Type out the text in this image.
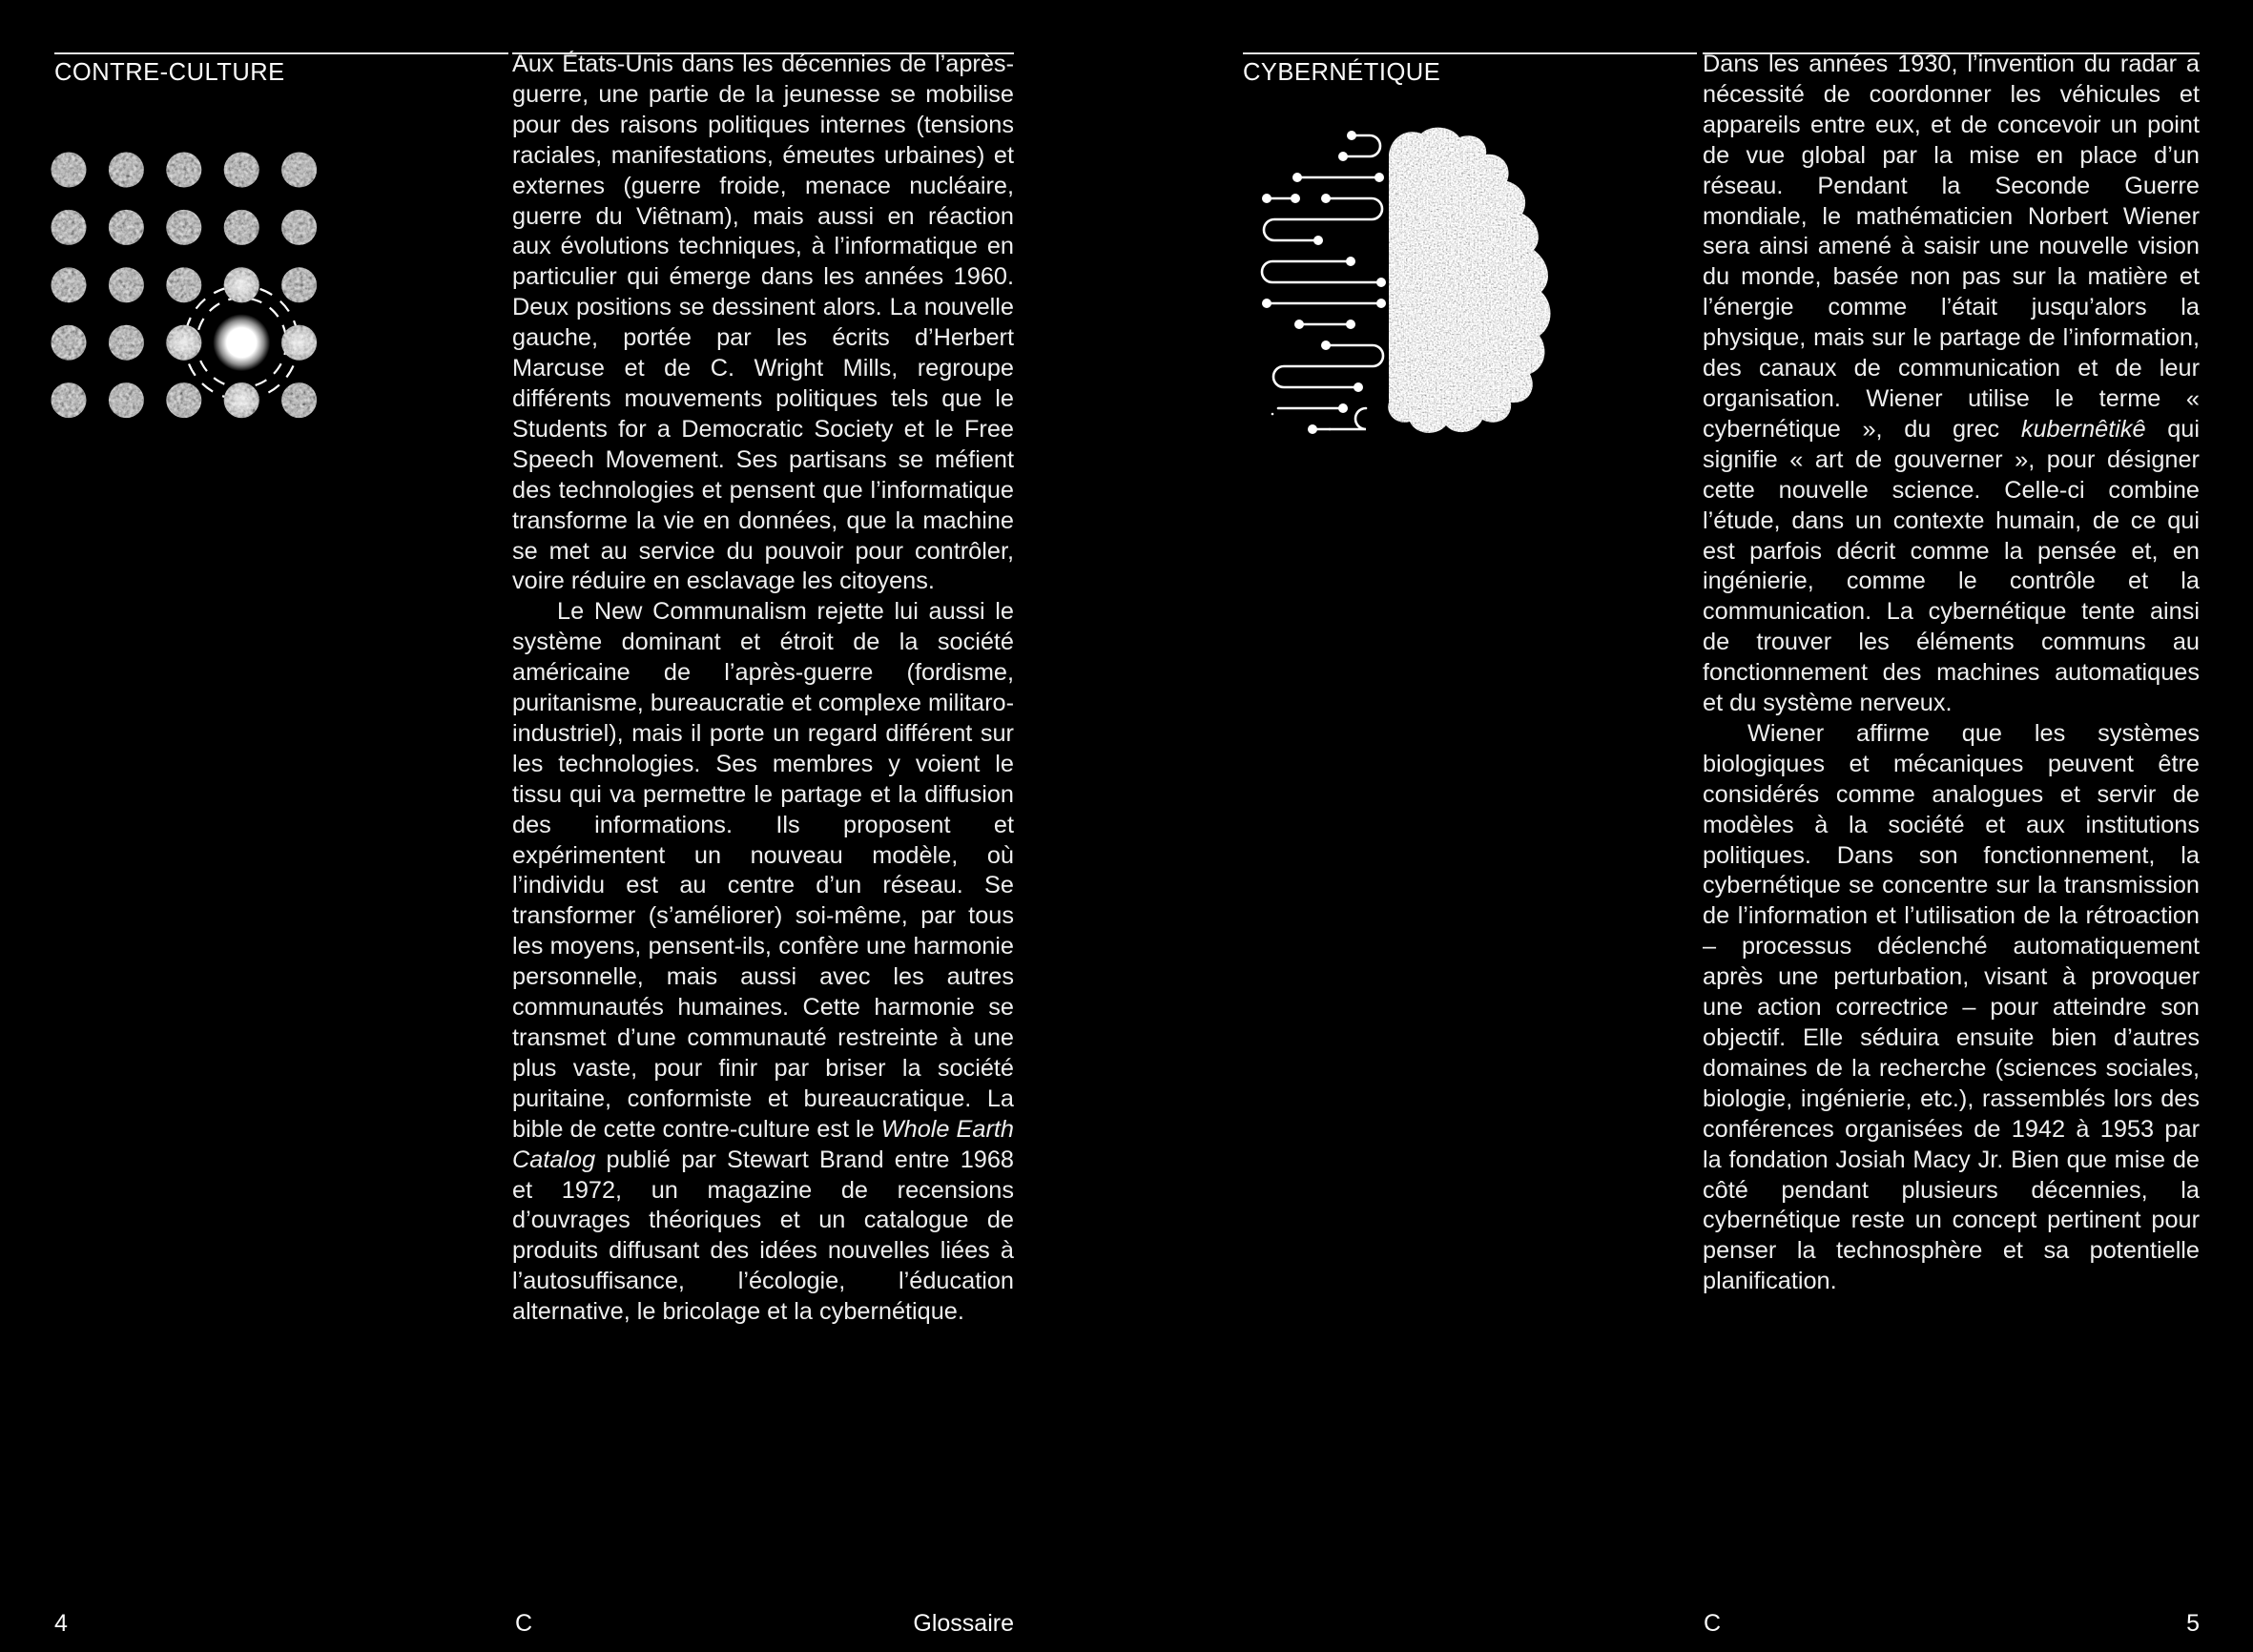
CONTRE-CULTURE	CYBERNÉTIQUE

Aux États-Unis dans les décennies de l’après-guerre, une partie de la jeunesse se mobilise pour des raisons politiques internes (tensions raciales, manifestations, émeutes urbaines) et externes (guerre froide, menace nucléaire, guerre du Viêtnam), mais aussi en réaction aux évolutions techniques, à l’informatique en particulier qui émerge dans les années 1960. Deux positions se dessinent alors. La nouvelle gauche, portée par les écrits d’Herbert Marcuse et de C. Wright Mills, regroupe différents mouvements politiques tels que le Students for a Democratic Society et le Free Speech Movement. Ses partisans se méfient des technologies et pensent que l’informatique transforme la vie en données, que la machine se met au service du pouvoir pour contrôler, voire réduire en esclavage les citoyens.

Le New Communalism rejette lui aussi le système dominant et étroit de la société américaine de l’après-guerre (fordisme, puritanisme, bureaucratie et complexe militaro-industriel), mais il porte un regard différent sur les technologies. Ses membres y voient le tissu qui va permettre le partage et la diffusion des informations. Ils proposent et expérimentent un nouveau modèle, où l’individu est au centre d’un réseau. Se transformer (s’améliorer) soi-même, par tous les moyens, pensent-ils, confère une harmonie personnelle, mais aussi avec les autres communautés humaines. Cette harmonie se transmet d’une communauté restreinte à une plus vaste, pour finir par briser la société puritaine, conformiste et bureaucratique. La bible de cette contre-culture est le Whole Earth Catalog publié par Stewart Brand entre 1968 et 1972, un magazine de recensions d’ouvrages théoriques et un catalogue de produits diffusant des idées nouvelles liées à l’autosuffisance, l’écologie, l’éducation alternative, le bricolage et la cybernétique.

Dans les années 1930, l’invention du radar a nécessité de coordonner les véhicules et appareils entre eux, et de concevoir un point de vue global par la mise en place d’un réseau. Pendant la Seconde Guerre mondiale, le mathématicien Norbert Wiener sera ainsi amené à saisir une nouvelle vision du monde, basée non pas sur la matière et l’énergie comme l’était jusqu’alors la physique, mais sur le partage de l’information, des canaux de communication et de leur organisation. Wiener utilise le terme « cybernétique », du grec kubernêtikê qui signifie « art de gouverner », pour désigner cette nouvelle science. Celle-ci combine l’étude, dans un contexte humain, de ce qui est parfois décrit comme la pensée et, en ingénierie, comme le contrôle et la communication. La cybernétique tente ainsi de trouver les éléments communs au fonctionnement des machines automatiques et du système nerveux.

Wiener affirme que les systèmes biologiques et mécaniques peuvent être considérés comme analogues et servir de modèles à la société et aux institutions politiques. Dans son fonctionnement, la cybernétique se concentre sur la transmission de l’information et l’utilisation de la rétroaction – processus déclenché automatiquement après une perturbation, visant à provoquer une action correctrice – pour atteindre son objectif. Elle séduira ensuite bien d’autres domaines de la recherche (sciences sociales, biologie, ingénierie, etc.), rassemblés lors des conférences organisées de 1942 à 1953 par la fondation Josiah Macy Jr. Bien que mise de côté pendant plusieurs décennies, la cybernétique reste un concept pertinent pour penser la technosphère et sa potentielle planification.

4	C	Glossaire	C	5
